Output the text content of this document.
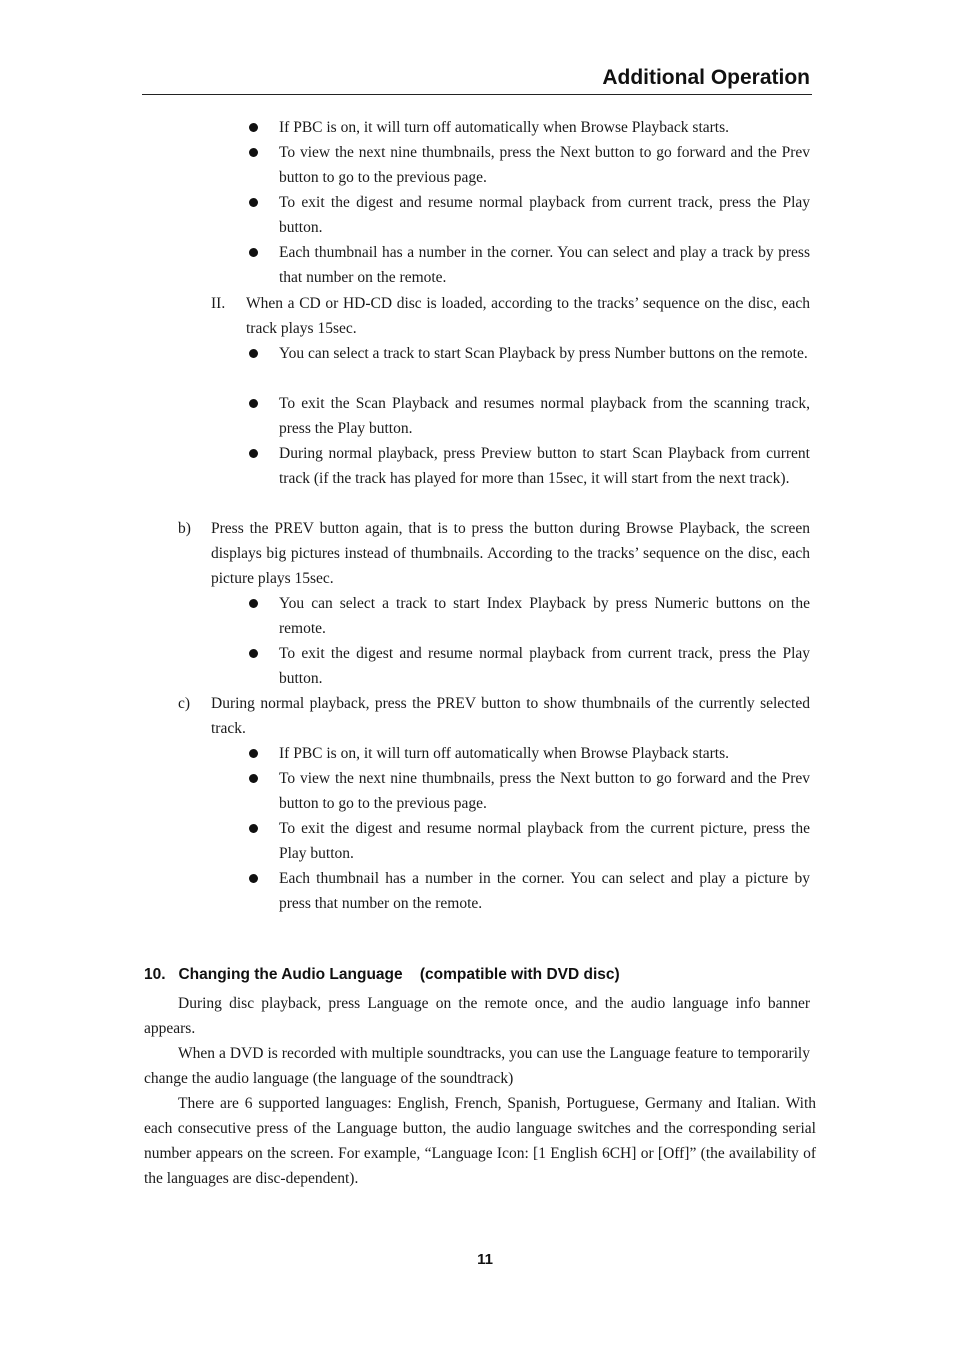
Additional Operation
If PBC is on, it will turn off automatically when Browse Playback starts.
To view the next nine thumbnails, press the Next button to go forward and the Prev button to go to the previous page.
To exit the digest and resume normal playback from current track, press the Play button.
Each thumbnail has a number in the corner. You can select and play a track by press that number on the remote.
II. When a CD or HD-CD disc is loaded, according to the tracks’ sequence on the disc, each track plays 15sec.
You can select a track to start Scan Playback by press Number buttons on the remote.
To exit the Scan Playback and resumes normal playback from the scanning track, press the Play button.
During normal playback, press Preview button to start Scan Playback from current track (if the track has played for more than 15sec, it will start from the next track).
b) Press the PREV button again, that is to press the button during Browse Playback, the screen displays big pictures instead of thumbnails. According to the tracks’ sequence on the disc, each picture plays 15sec.
You can select a track to start Index Playback by press Numeric buttons on the remote.
To exit the digest and resume normal playback from current track, press the Play button.
c) During normal playback, press the PREV button to show thumbnails of the currently selected track.
If PBC is on, it will turn off automatically when Browse Playback starts.
To view the next nine thumbnails, press the Next button to go forward and the Prev button to go to the previous page.
To exit the digest and resume normal playback from the current picture, press the Play button.
Each thumbnail has a number in the corner. You can select and play a picture by press that number on the remote.
10.   Changing the Audio Language    (compatible with DVD disc)
During disc playback, press Language on the remote once, and the audio language info banner appears.
When a DVD is recorded with multiple soundtracks, you can use the Language feature to temporarily change the audio language (the language of the soundtrack)
There are 6 supported languages: English, French, Spanish, Portuguese, Germany and Italian. With each consecutive press of the Language button, the audio language switches and the corresponding serial number appears on the screen. For example, “Language Icon: [1 English 6CH] or [Off]” (the availability of the languages are disc-dependent).
11
